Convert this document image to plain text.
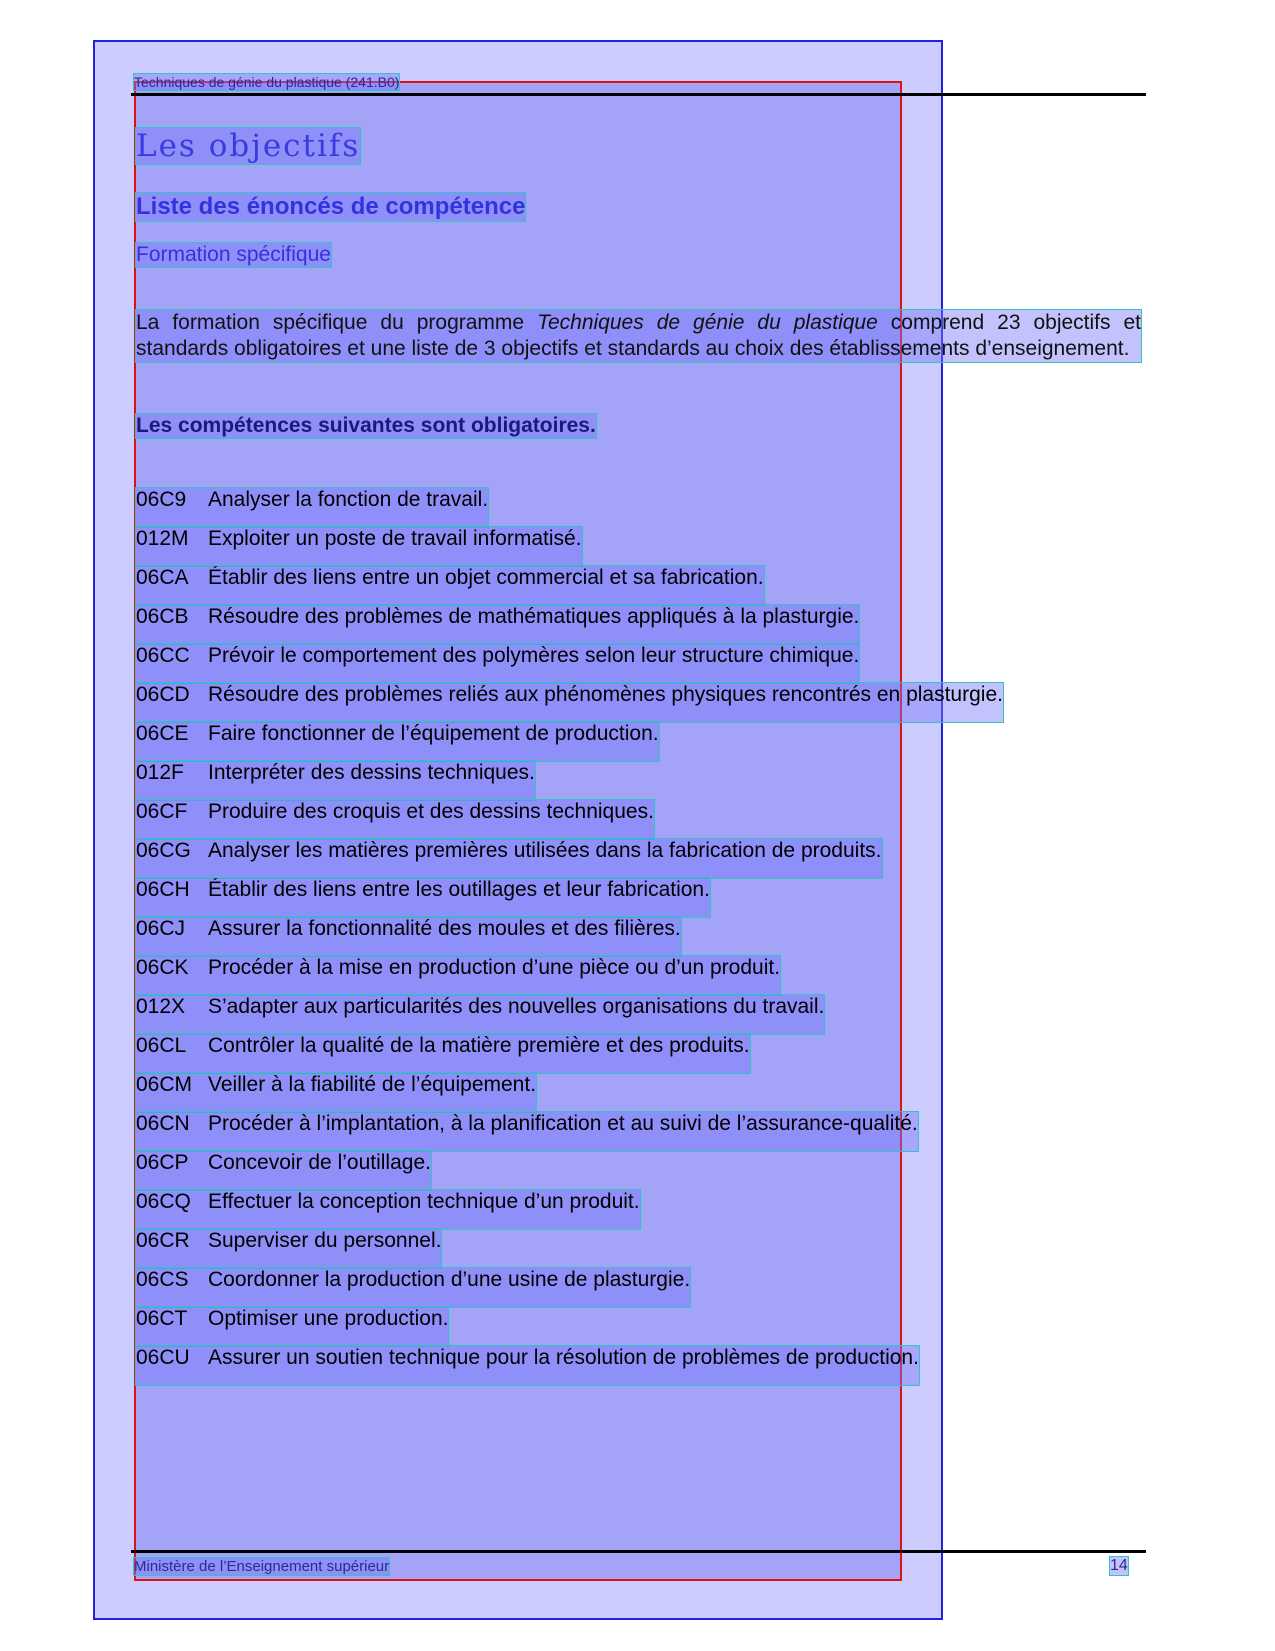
Techniques de génie du plastique (241.B0)
Les objectifs
Liste des énoncés de compétence
Formation spécifique

La formation spécifique du programme Techniques de génie du plastique comprend 23 objectifs et standards obligatoires et une liste de 3 objectifs et standards au choix des établissements d’enseignement.

Les compétences suivantes sont obligatoires.
06C9 Analyser la fonction de travail.
012M Exploiter un poste de travail informatisé.
06CA Établir des liens entre un objet commercial et sa fabrication.
06CB Résoudre des problèmes de mathématiques appliqués à la plasturgie.
06CC Prévoir le comportement des polymères selon leur structure chimique.
06CD Résoudre des problèmes reliés aux phénomènes physiques rencontrés en plasturgie.
06CE Faire fonctionner de l’équipement de production.
012F Interpréter des dessins techniques.
06CF Produire des croquis et des dessins techniques.
06CG Analyser les matières premières utilisées dans la fabrication de produits.
06CH Établir des liens entre les outillages et leur fabrication.
06CJ Assurer la fonctionnalité des moules et des filières.
06CK Procéder à la mise en production d’une pièce ou d’un produit.
012X S’adapter aux particularités des nouvelles organisations du travail.
06CL Contrôler la qualité de la matière première et des produits.
06CM Veiller à la fiabilité de l’équipement.
06CN Procéder à l’implantation, à la planification et au suivi de l’assurance-qualité.
06CP Concevoir de l’outillage.
06CQ Effectuer la conception technique d’un produit.
06CR Superviser du personnel.
06CS Coordonner la production d’une usine de plasturgie.
06CT Optimiser une production.
06CU Assurer un soutien technique pour la résolution de problèmes de production.
Ministère de l’Enseignement supérieur	14
